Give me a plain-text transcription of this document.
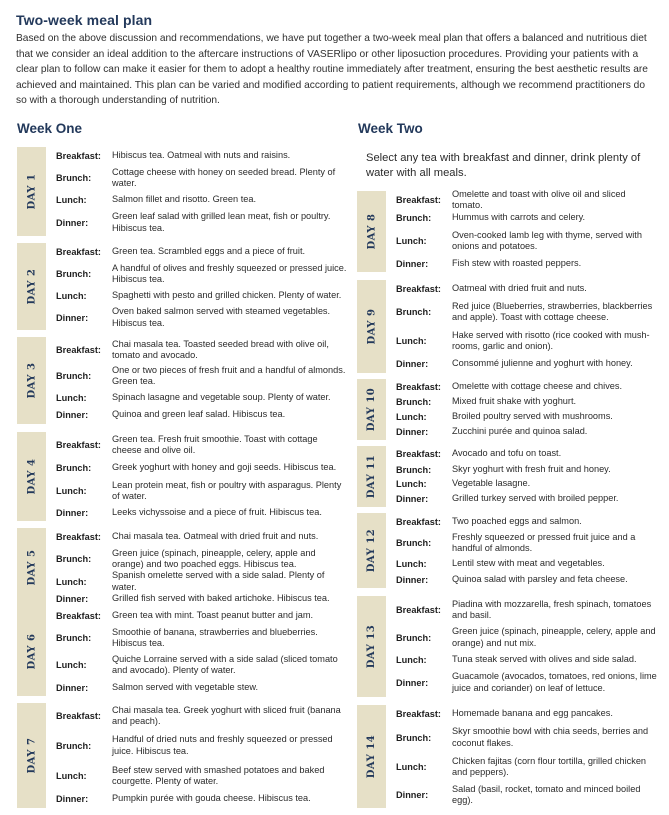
Two-week meal plan
Based on the above discussion and recommendations, we have put together a two-week meal plan that offers a balanced and nutritious diet that we consider an ideal addition to the aftercare instructions of VASERlipo or other liposuction procedures. Providing your patients with a clear plan to follow can make it easier for them to adopt a healthy routine immediately after treatment, ensuring the best aesthetic results are achieved and maintained. This plan can be varied and modified according to patient requirements, although we recommend practitioners do so with a thorough understanding of nutrition.
Week One	Week Two
Select any tea with breakfast and dinner, drink plenty of water with all meals.
DAY 1
Breakfast:	Hibiscus tea. Oatmeal with nuts and raisins.
Brunch:
Cottage cheese with honey on seeded bread. Plenty of water.
Lunch:	Salmon fillet and risotto. Green tea.
Dinner:
Green leaf salad with grilled lean meat, fish or poultry. Hibiscus tea.
DAY 2
Breakfast:	Green tea. Scrambled eggs and a piece of fruit.
Brunch:
A handful of olives and freshly squeezed or pressed juice. Hibiscus tea.
Lunch:	Spaghetti with pesto and grilled chicken. Plenty of water.
Dinner:
Oven baked salmon served with steamed vegetables. Hibiscus tea.
DAY 3
Breakfast:
Chai masala tea. Toasted seeded bread with olive oil, tomato and avocado.
Brunch:
One or two pieces of fresh fruit and a handful of almonds. Green tea.
Lunch:	Spinach lasagne and vegetable soup. Plenty of water.
Dinner:	Quinoa and green leaf salad. Hibiscus tea.
DAY 4
Breakfast:
Green tea. Fresh fruit smoothie. Toast with cottage cheese and olive oil.
Brunch:	Greek yoghurt with honey and goji seeds. Hibiscus tea.
Lunch:
Lean protein meat, fish or poultry with asparagus. Plenty of water.
Dinner:	Leeks vichyssoise and a piece of fruit. Hibiscus tea.
DAY 5
Breakfast:	Chai masala tea. Oatmeal with dried fruit and nuts.
Brunch:
Green juice (spinach, pineapple, celery, apple and orange) and two poached eggs. Hibiscus tea.
Lunch:
Spanish omelette served with a side salad. Plenty of water.
Dinner:	Grilled fish served with baked artichoke. Hibiscus tea.
DAY 6
Breakfast:	Green tea with mint. Toast peanut butter and jam.
Brunch:
Smoothie of banana, strawberries and blueberries. Hibiscus tea.
Lunch:
Quiche Lorraine served with a side salad (sliced tomato and avocado). Plenty of water.
Dinner:	Salmon served with vegetable stew.
DAY 7
Breakfast:
Chai masala tea. Greek yoghurt with sliced fruit (banana and peach).
Brunch:
Handful of dried nuts and freshly squeezed or pressed juice. Hibiscus tea.
Lunch:
Beef stew served with smashed potatoes and baked courgette. Plenty of water.
Dinner:	Pumpkin purée with gouda cheese. Hibiscus tea.
DAY 8
Breakfast:
Omelette and toast with olive oil and sliced tomato.
Brunch:	Hummus with carrots and celery.
Lunch:
Oven-cooked lamb leg with thyme, served with onions and potatoes.
Dinner:	Fish stew with roasted peppers.
DAY 9
Breakfast:	Oatmeal with dried fruit and nuts.
Brunch:
Red juice (Blueberries, strawberries, blackberries and apple). Toast with cottage cheese.
Lunch:
Hake served with risotto (rice cooked with mush-rooms, garlic and onion).
Dinner:	Consommé julienne and yoghurt with honey.
DAY 10
Breakfast:	Omelette with cottage cheese and chives.
Brunch:	Mixed fruit shake with yoghurt.
Lunch:	Broiled poultry served with mushrooms.
Dinner:	Zucchini purée and quinoa salad.
DAY 11
Breakfast:	Avocado and tofu on toast.
Brunch:	Skyr yoghurt with fresh fruit and honey.
Lunch:	Vegetable lasagne.
Dinner:	Grilled turkey served with broiled pepper.
DAY 12
Breakfast:	Two poached eggs and salmon.
Brunch:
Freshly squeezed or pressed fruit juice and a handful of almonds.
Lunch:	Lentil stew with meat and vegetables.
Dinner:	Quinoa salad with parsley and feta cheese.
DAY 13
Breakfast:
Piadina with mozzarella, fresh spinach, tomatoes and basil.
Brunch:
Green juice (spinach, pineapple, celery, apple and orange) and nut mix.
Lunch:	Tuna steak served with olives and side salad.
Dinner:
Guacamole (avocados, tomatoes, red onions, lime juice and coriander) on leaf of lettuce.
DAY 14
Breakfast:	Homemade banana and egg pancakes.
Brunch:
Skyr smoothie bowl with chia seeds, berries and coconut flakes.
Lunch:
Chicken fajitas (corn flour tortilla, grilled chicken and peppers).
Dinner:
Salad (basil, rocket, tomato and minced boiled egg).
